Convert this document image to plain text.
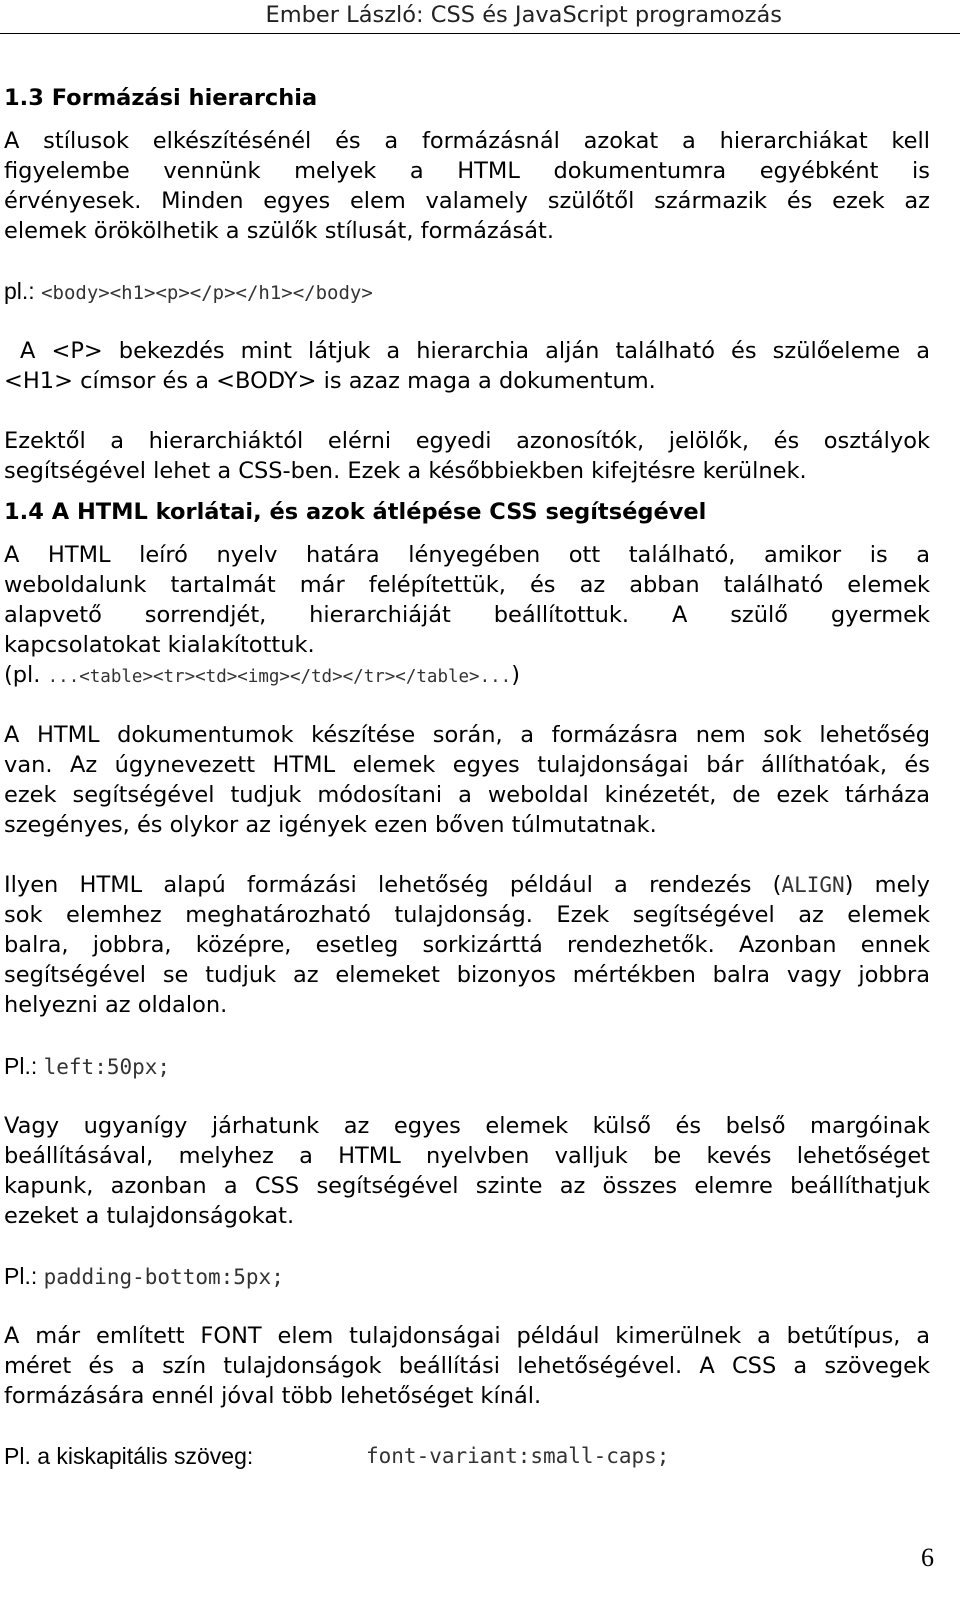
Ember László: CSS és JavaScript programozás
1.3 Formázási hierarchia
A stílusok elkészítésénél és a formázásnál azokat a hierarchiákat kell
figyelembe vennünk melyek a HTML dokumentumra egyébként is
érvényesek. Minden egyes elem valamely szülőtől származik és ezek az
elemek örökölhetik a szülők stílusát, formázását.
pl.: <body><h1><p></p></h1></body>
A <P> bekezdés mint látjuk a hierarchia alján található és szülőeleme a
<H1> címsor és a <BODY> is azaz maga a dokumentum.
Ezektől a hierarchiáktól elérni egyedi azonosítók, jelölők, és osztályok
segítségével lehet a CSS-ben. Ezek a későbbiekben kifejtésre kerülnek.
1.4 A HTML korlátai, és azok átlépése CSS segítségével
A HTML leíró nyelv határa lényegében ott található, amikor is a
weboldalunk tartalmát már felépítettük, és az abban található elemek
alapvető sorrendjét, hierarchiáját beállítottuk. A szülő gyermek
kapcsolatokat kialakítottuk.
(pl. ...<table><tr><td><img></td></tr></table>...)
A HTML dokumentumok készítése során, a formázásra nem sok lehetőség
van. Az úgynevezett HTML elemek egyes tulajdonságai bár állíthatóak, és
ezek segítségével tudjuk módosítani a weboldal kinézetét, de ezek tárháza
szegényes, és olykor az igények ezen bőven túlmutatnak.
Ilyen HTML alapú formázási lehetőség például a rendezés (ALIGN) mely
sok elemhez meghatározható tulajdonság. Ezek segítségével az elemek
balra, jobbra, középre, esetleg sorkizárttá rendezhetők. Azonban ennek
segítségével se tudjuk az elemeket bizonyos mértékben balra vagy jobbra
helyezni az oldalon.
Pl.: left:50px;
Vagy ugyanígy járhatunk az egyes elemek külső és belső margóinak
beállításával, melyhez a HTML nyelvben valljuk be kevés lehetőséget
kapunk, azonban a CSS segítségével szinte az összes elemre beállíthatjuk
ezeket a tulajdonságokat.
Pl.: padding-bottom:5px;
A már említett FONT elem tulajdonságai például kimerülnek a betűtípus, a
méret és a szín tulajdonságok beállítási lehetőségével. A CSS a szövegek
formázására ennél jóval több lehetőséget kínál.
Pl. a kiskapitális szöveg:	font-variant:small-caps;
6
